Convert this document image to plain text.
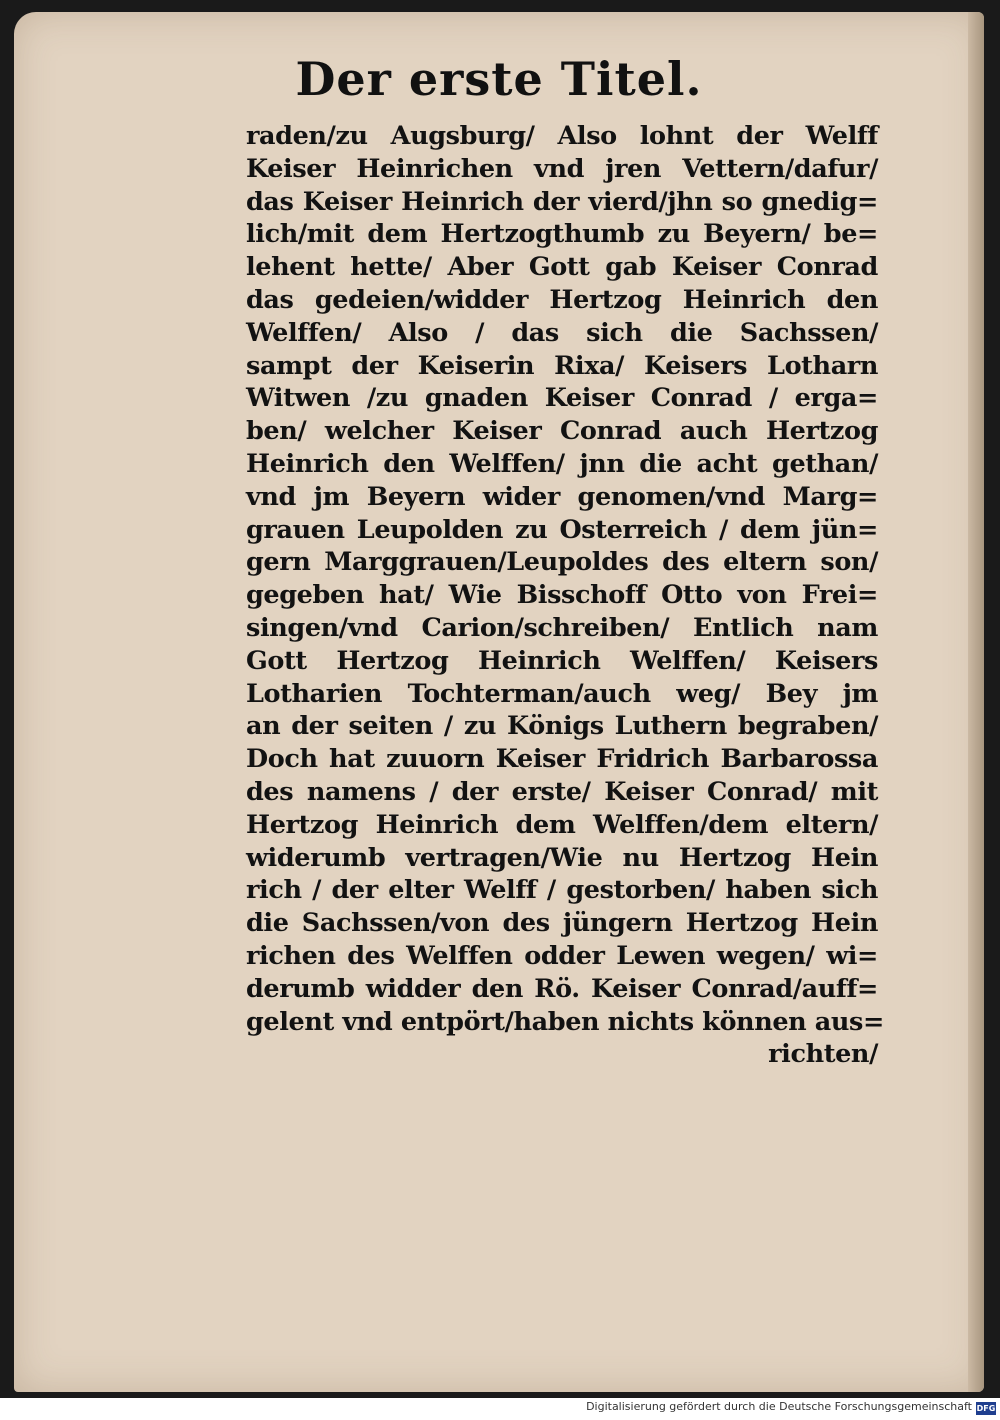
Der erste Titel.
raden/zu Augsburg/ Also lohnt der Welff
Keiser Heinrichen vnd jren Vettern/dafur/
das Keiser Heinrich der vierd/jhn so gnedig=
lich/mit dem Hertzogthumb zu Beyern/ be=
lehent hette/ Aber Gott gab Keiser Conrad
das gedeien/widder Hertzog Heinrich den
Welffen/ Also / das sich die Sachssen/
sampt der Keiserin Rixa/ Keisers Lotharn
Witwen /zu gnaden Keiser Conrad / erga=
ben/ welcher Keiser Conrad auch Hertzog
Heinrich den Welffen/ jnn die acht gethan/
vnd jm Beyern wider genomen/vnd Marg=
grauen Leupolden zu Osterreich / dem jün=
gern Marggrauen/Leupoldes des eltern son/
gegeben hat/ Wie Bisschoff Otto von Frei=
singen/vnd Carion/schreiben/ Entlich nam
Gott Hertzog Heinrich Welffen/ Keisers
Lotharien Tochterman/auch weg/ Bey jm
an der seiten / zu Königs Luthern begraben/
Doch hat zuuorn Keiser Fridrich Barbarossa
des namens / der erste/ Keiser Conrad/ mit
Hertzog Heinrich dem Welffen/dem eltern/
widerumb vertragen/Wie nu Hertzog Hein
rich / der elter Welff / gestorben/ haben sich
die Sachssen/von des jüngern Hertzog Hein
richen des Welffen odder Lewen wegen/ wi=
derumb widder den Rö. Keiser Conrad/auff=
gelent vnd entpört/haben nichts können aus=
richten/
Digitalisierung gefördert durch die Deutsche Forschungsgemeinschaft DFG
